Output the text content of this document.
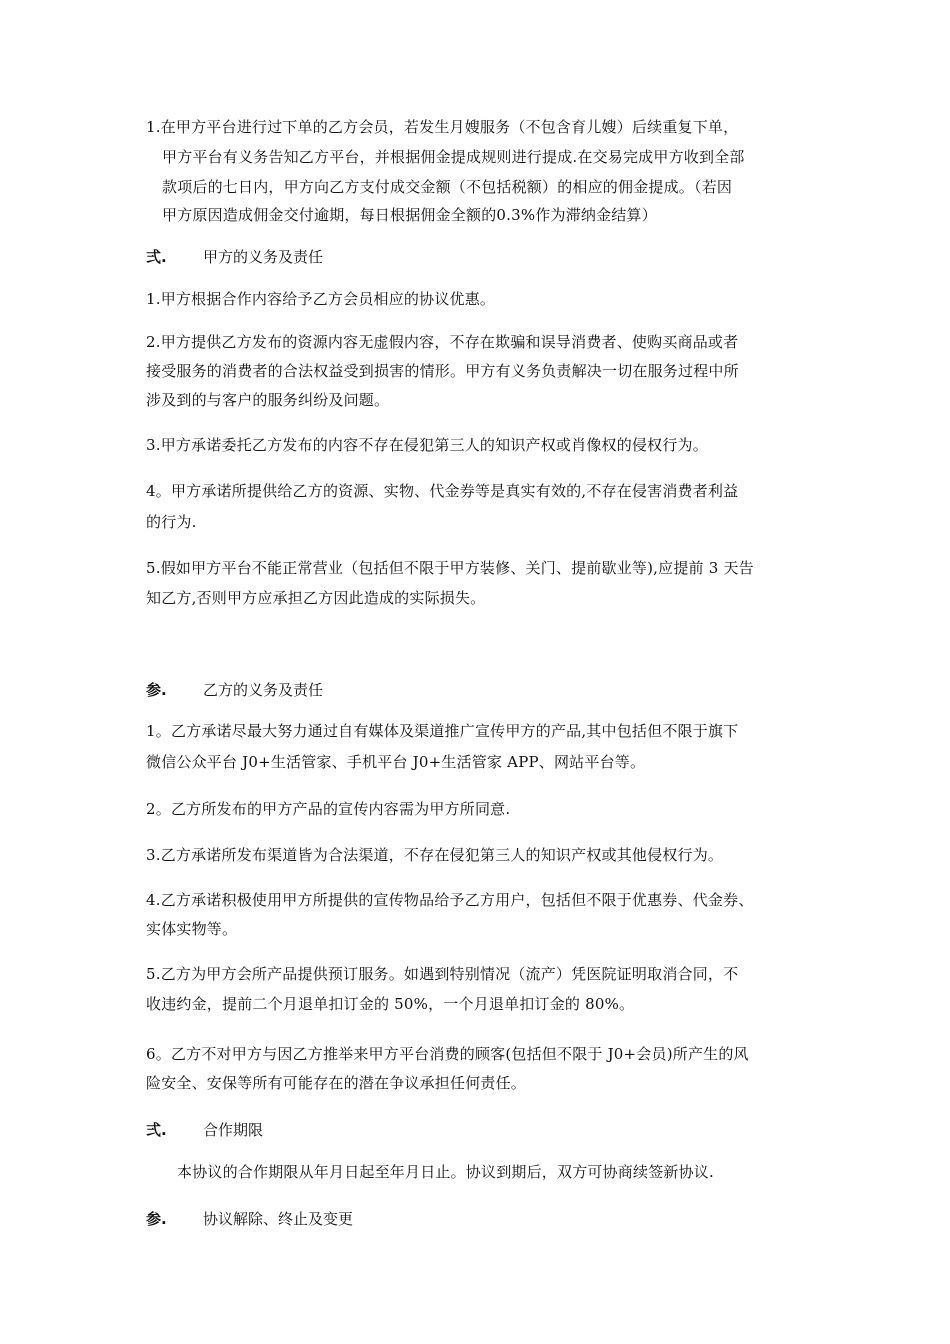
1.在甲方平台进行过下单的乙方会员，若发生月嫂服务（不包含育儿嫂）后续重复下单，

甲方平台有义务告知乙方平台，并根据佣金提成规则进行提成.在交易完成甲方收到全部

款项后的七日内，甲方向乙方支付成交金额（不包括税额）的相应的佣金提成。（若因

甲方原因造成佣金交付逾期，每日根据佣金全额的0.3%作为滞纳金结算）

弍. 甲方的义务及责任

1.甲方根据合作内容给予乙方会员相应的协议优惠。

2.甲方提供乙方发布的资源内容无虚假内容，不存在欺骗和误导消费者、使购买商品或者

接受服务的消费者的合法权益受到损害的情形。甲方有义务负责解决一切在服务过程中所

涉及到的与客户的服务纠纷及问题。

3.甲方承诺委托乙方发布的内容不存在侵犯第三人的知识产权或肖像权的侵权行为。

4。甲方承诺所提供给乙方的资源、实物、代金券等是真实有效的,不存在侵害消费者利益

的行为.

5.假如甲方平台不能正常营业（包括但不限于甲方装修、关门、提前歇业等),应提前 3 天告

知乙方,否则甲方应承担乙方因此造成的实际损失。

参. 乙方的义务及责任

1。乙方承诺尽最大努力通过自有媒体及渠道推广宣传甲方的产品,其中包括但不限于旗下

微信公众平台 J0+生活管家、手机平台 J0+生活管家 APP、网站平台等。

2。乙方所发布的甲方产品的宣传内容需为甲方所同意.

3.乙方承诺所发布渠道皆为合法渠道，不存在侵犯第三人的知识产权或其他侵权行为。

4.乙方承诺积极使用甲方所提供的宣传物品给予乙方用户，包括但不限于优惠券、代金券、

实体实物等。

5.乙方为甲方会所产品提供预订服务。如遇到特别情况（流产）凭医院证明取消合同，不

收违约金，提前二个月退单扣订金的 50%，一个月退单扣订金的 80%。

6。乙方不对甲方与因乙方推举来甲方平台消费的顾客(包括但不限于 J0+会员)所产生的风

险安全、安保等所有可能存在的潜在争议承担任何责任。

弍. 合作期限

本协议的合作期限从年月日起至年月日止。协议到期后，双方可协商续签新协议.

参. 协议解除、终止及变更
